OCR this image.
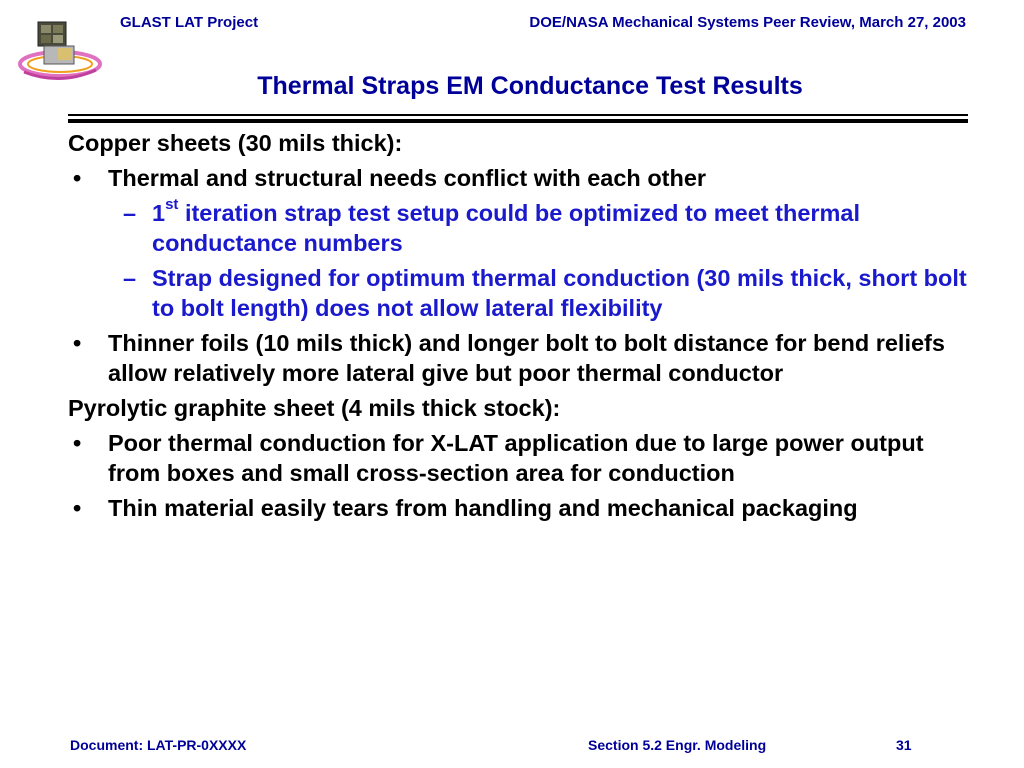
GLAST LAT Project	DOE/NASA Mechanical Systems Peer Review, March 27, 2003
Thermal Straps EM Conductance Test Results
Copper sheets (30 mils thick):
• Thermal and structural needs conflict with each other
– 1st iteration strap test setup could be optimized to meet thermal conductance numbers
– Strap designed for optimum thermal conduction (30 mils thick, short bolt to bolt length) does not allow lateral flexibility
• Thinner foils (10 mils thick) and longer bolt to bolt distance for bend reliefs allow relatively more lateral give but poor thermal conductor
Pyrolytic graphite sheet (4 mils thick stock):
• Poor thermal conduction for X-LAT application due to large power output from boxes and small cross-section area for conduction
• Thin material easily tears from handling and mechanical packaging
Document: LAT-PR-0XXXX	Section 5.2 Engr. Modeling	31
